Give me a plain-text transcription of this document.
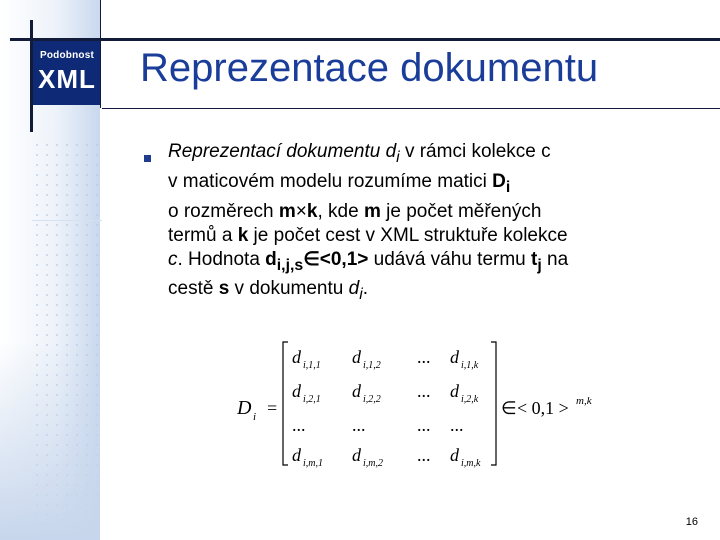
Podobnost
XML Reprezentace dokumentu
Reprezentací dokumentu $d_i$ v rámci kolekce c
v maticovém modelu rozumíme matici $D_i$
o rozměrech m×k, kde m je počet měřených
termů a k je počet cest v XML struktuře kolekce
c. Hodnota $d_{i,j,s}\in<0,1>$ udává váhu termu $t_j$ na
cestě s v dokumentu $d_i$.
D i =
d i,1,1 d i,1,2 ... d i,1,k
d i,2,1 d i,2,2 ... d i,2,k
...	...	... ...
d i,m,1 d i,m,2 ... d i,m,k
∈ < 0,1 > m,k
16
